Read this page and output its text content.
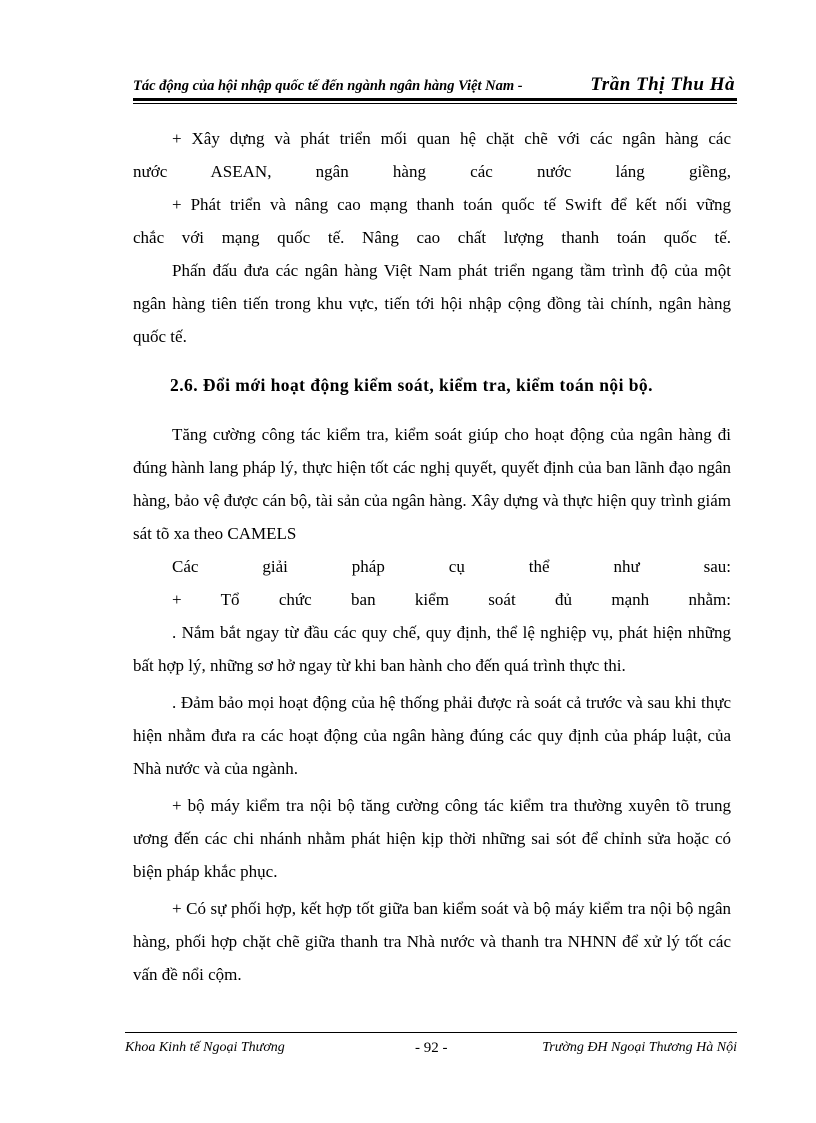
Tác động của hội nhập quốc tế đến ngành ngân hàng Việt Nam -	Trần Thị Thu Hà

+ Xây dựng và phát triển mối quan hệ chặt chẽ với các ngân hàng các

nước ASEAN, ngân hàng các nước láng giềng,

+ Phát triển và nâng cao mạng thanh toán quốc tế Swift để kết nối vững

chắc với mạng quốc tế. Nâng cao chất lượng thanh toán quốc tế.

Phấn đấu đưa các ngân hàng Việt Nam phát triển ngang tầm trình độ của một ngân hàng tiên tiến trong khu vực, tiến tới hội nhập cộng đồng tài chính, ngân hàng quốc tế.

2.6. Đổi mới hoạt động kiểm soát, kiểm tra, kiểm toán nội bộ.

Tăng cường công tác kiểm tra, kiểm soát giúp cho hoạt động của ngân hàng đi đúng hành lang pháp lý, thực hiện tốt các nghị quyết, quyết định của ban lãnh đạo ngân hàng, bảo vệ được cán bộ, tài sản của ngân hàng. Xây dựng và thực hiện quy trình giám sát tõ xa theo CAMELS

Các giải pháp cụ thể như sau:

+ Tổ chức ban kiểm soát đủ mạnh nhằm:

. Nắm bắt ngay từ đầu các quy chế, quy định, thể lệ nghiệp vụ, phát hiện những bất hợp lý, những sơ hở ngay từ khi ban hành cho đến quá trình thực thi.

. Đảm bảo mọi hoạt động của hệ thống phải được rà soát cả trước và sau khi thực hiện nhằm đưa ra các hoạt động của ngân hàng đúng các quy định của pháp luật, của Nhà nước và của ngành.

+ bộ máy kiểm tra nội bộ tăng cường công tác kiểm tra thường xuyên tõ trung ương đến các chi nhánh nhằm phát hiện kịp thời những sai sót để chỉnh sửa hoặc có biện pháp khắc phục.

+ Có sự phối hợp, kết hợp tốt giữa ban kiểm soát và bộ máy kiểm tra nội bộ ngân hàng, phối hợp chặt chẽ giữa thanh tra Nhà nước và thanh tra NHNN để xử lý tốt các vấn đề nổi cộm.

Khoa Kinh tế Ngoại Thương	- 92 -	Trường ĐH Ngoại Thương Hà Nội
